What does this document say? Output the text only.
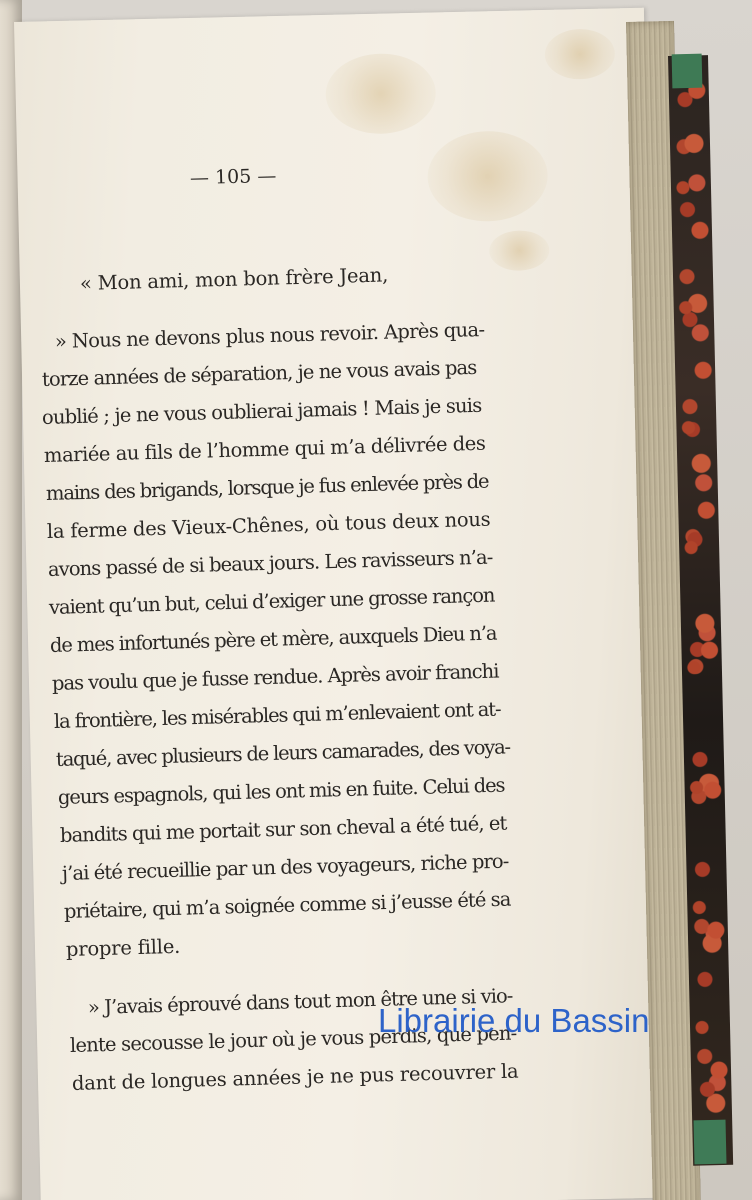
— 105 —

« Mon ami, mon bon frère Jean,

» Nous ne devons plus nous revoir. Après qua-

torze années de séparation, je ne vous avais pas

oublié ; je ne vous oublierai jamais ! Mais je suis

mariée au fils de l’homme qui m’a délivrée des

mains des brigands, lorsque je fus enlevée près de

la ferme des Vieux-Chênes, où tous deux nous

avons passé de si beaux jours. Les ravisseurs n’a-

vaient qu’un but, celui d’exiger une grosse rançon

de mes infortunés père et mère, auxquels Dieu n’a

pas voulu que je fusse rendue. Après avoir franchi

la frontière, les misérables qui m’enlevaient ont at-

taqué, avec plusieurs de leurs camarades, des voya-

geurs espagnols, qui les ont mis en fuite. Celui des

bandits qui me portait sur son cheval a été tué, et

j’ai été recueillie par un des voyageurs, riche pro-

priétaire, qui m’a soignée comme si j’eusse été sa

propre fille.

» J’avais éprouvé dans tout mon être une si vio-

lente secousse le jour où je vous perdis, que pen-

dant de longues années je ne pus recouvrer la

Librairie du Bassin
